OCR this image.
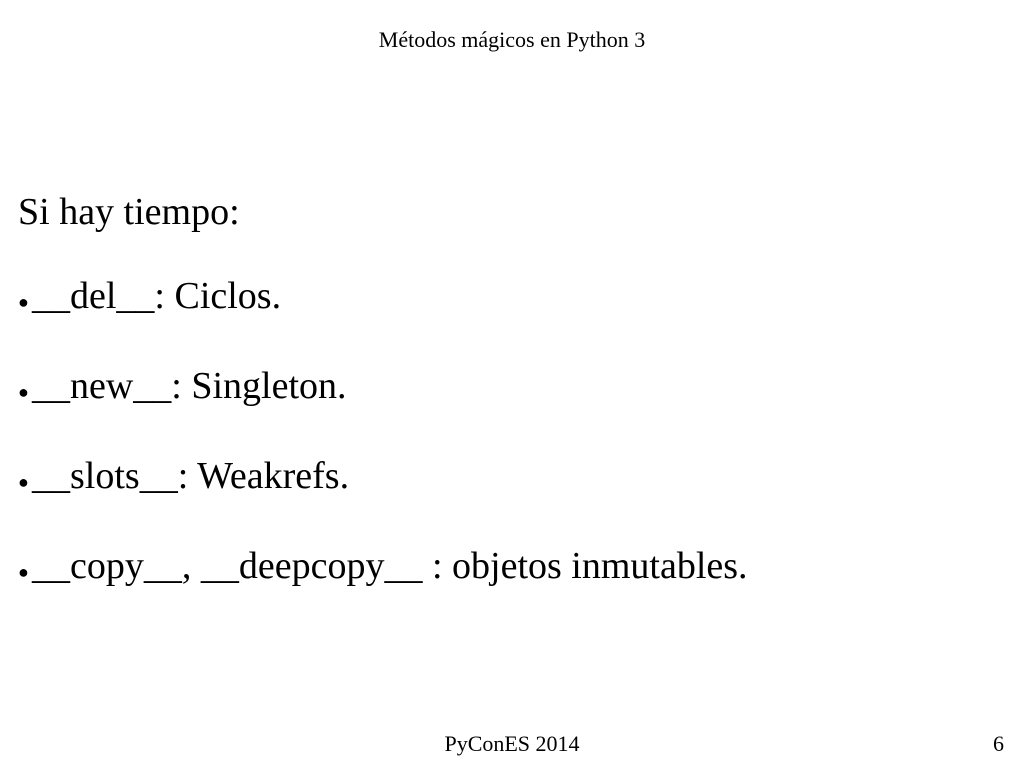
Métodos mágicos en Python 3
Si hay tiempo:
● __del__: Ciclos.
● __new__: Singleton.
● __slots__: Weakrefs.
● __copy__, __deepcopy__ : objetos inmutables.
PyConES 2014	6
